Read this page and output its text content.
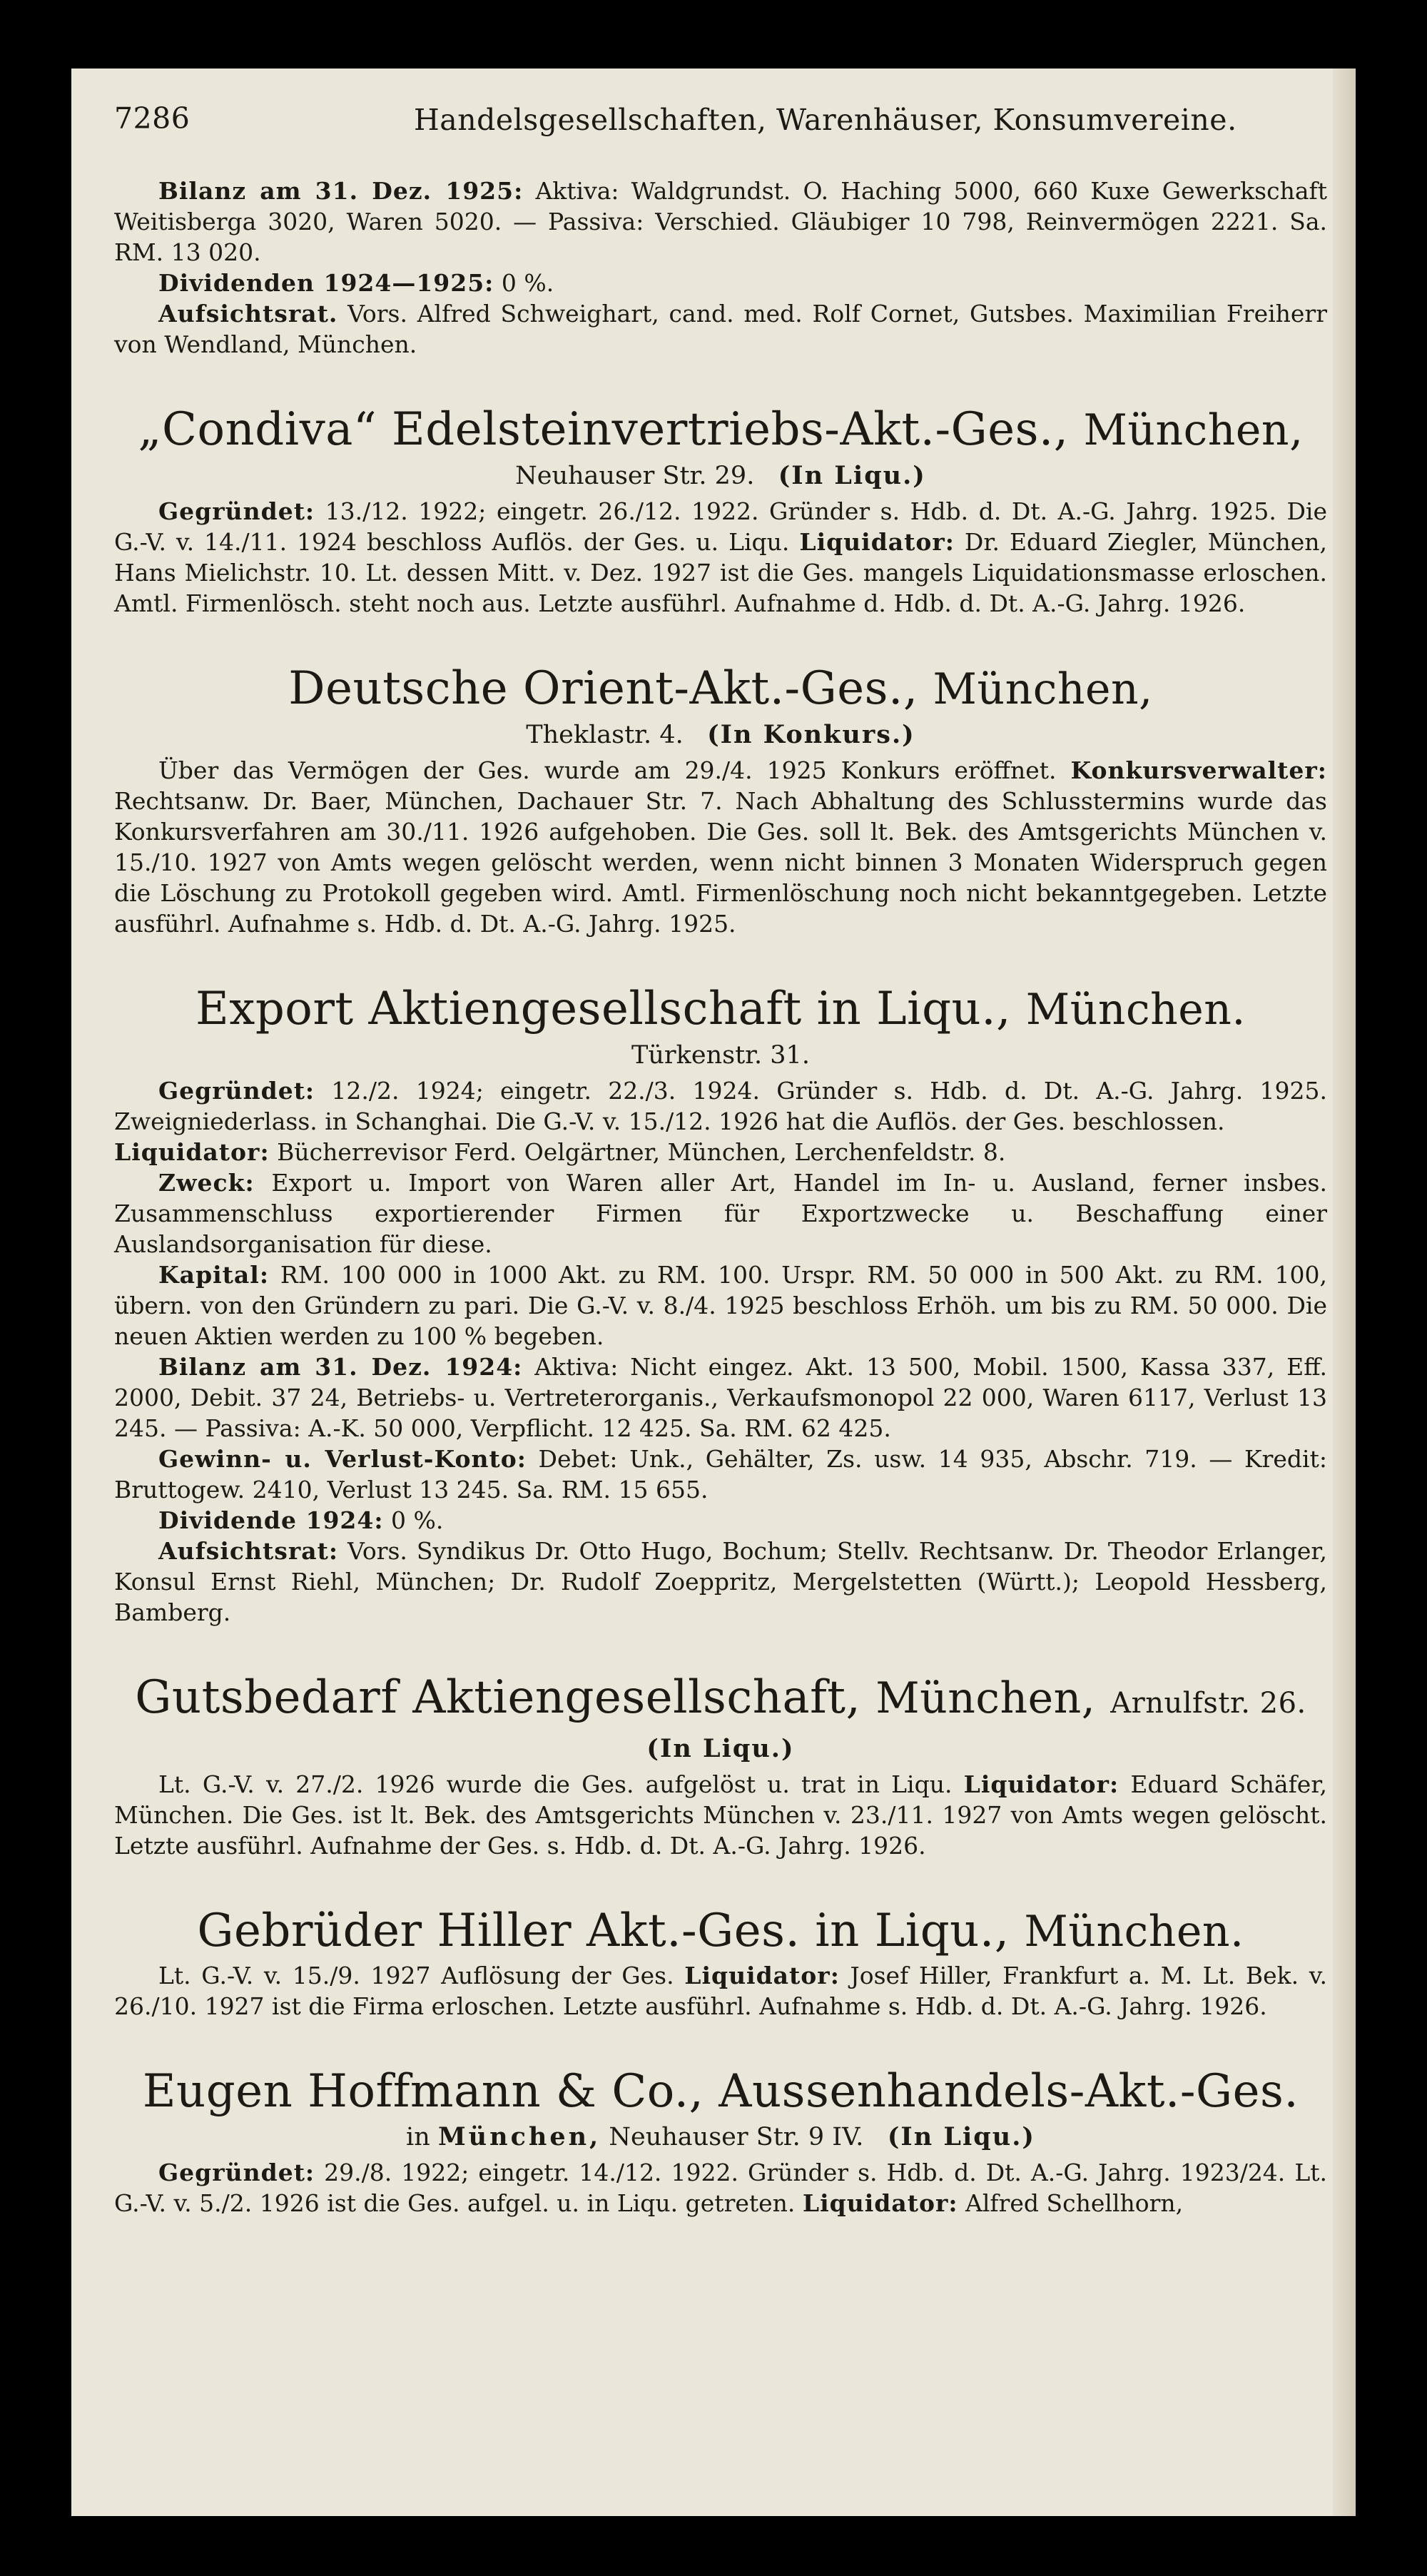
7286	Handelsgesellschaften, Warenhäuser, Konsumvereine.

Bilanz am 31. Dez. 1925: Aktiva: Waldgrundst. O. Haching 5000, 660 Kuxe Gewerkschaft Weitisberga 3020, Waren 5020. — Passiva: Verschied. Gläubiger 10 798, Reinvermögen 2221. Sa. RM. 13 020.

Dividenden 1924—1925: 0 %.

Aufsichtsrat. Vors. Alfred Schweighart, cand. med. Rolf Cornet, Gutsbes. Maximilian Freiherr von Wendland, München.

„Condiva“ Edelsteinvertriebs-Akt.-Ges., München,
Neuhauser Str. 29. (In Liqu.)

Gegründet: 13./12. 1922; eingetr. 26./12. 1922. Gründer s. Hdb. d. Dt. A.-G. Jahrg. 1925. Die G.-V. v. 14./11. 1924 beschloss Auflös. der Ges. u. Liqu. Liquidator: Dr. Eduard Ziegler, München, Hans Mielichstr. 10. Lt. dessen Mitt. v. Dez. 1927 ist die Ges. mangels Liquidationsmasse erloschen. Amtl. Firmenlösch. steht noch aus. Letzte ausführl. Aufnahme d. Hdb. d. Dt. A.-G. Jahrg. 1926.

Deutsche Orient-Akt.-Ges., München,
Theklastr. 4. (In Konkurs.)

Über das Vermögen der Ges. wurde am 29./4. 1925 Konkurs eröffnet. Konkursverwalter: Rechtsanw. Dr. Baer, München, Dachauer Str. 7. Nach Abhaltung des Schlusstermins wurde das Konkursverfahren am 30./11. 1926 aufgehoben. Die Ges. soll lt. Bek. des Amtsgerichts München v. 15./10. 1927 von Amts wegen gelöscht werden, wenn nicht binnen 3 Monaten Widerspruch gegen die Löschung zu Protokoll gegeben wird. Amtl. Firmenlöschung noch nicht bekanntgegeben. Letzte ausführl. Aufnahme s. Hdb. d. Dt. A.-G. Jahrg. 1925.

Export Aktiengesellschaft in Liqu., München.
Türkenstr. 31.

Gegründet: 12./2. 1924; eingetr. 22./3. 1924. Gründer s. Hdb. d. Dt. A.-G. Jahrg. 1925. Zweigniederlass. in Schanghai. Die G.-V. v. 15./12. 1926 hat die Auflös. der Ges. beschlossen.

Liquidator: Bücherrevisor Ferd. Oelgärtner, München, Lerchenfeldstr. 8.

Zweck: Export u. Import von Waren aller Art, Handel im In- u. Ausland, ferner insbes. Zusammenschluss exportierender Firmen für Exportzwecke u. Beschaffung einer Auslandsorganisation für diese.

Kapital: RM. 100 000 in 1000 Akt. zu RM. 100. Urspr. RM. 50 000 in 500 Akt. zu RM. 100, übern. von den Gründern zu pari. Die G.-V. v. 8./4. 1925 beschloss Erhöh. um bis zu RM. 50 000. Die neuen Aktien werden zu 100 % begeben.

Bilanz am 31. Dez. 1924: Aktiva: Nicht eingez. Akt. 13 500, Mobil. 1500, Kassa 337, Eff. 2000, Debit. 37 24, Betriebs- u. Vertreterorganis., Verkaufsmonopol 22 000, Waren 6117, Verlust 13 245. — Passiva: A.-K. 50 000, Verpflicht. 12 425. Sa. RM. 62 425.

Gewinn- u. Verlust-Konto: Debet: Unk., Gehälter, Zs. usw. 14 935, Abschr. 719. — Kredit: Bruttogew. 2410, Verlust 13 245. Sa. RM. 15 655.

Dividende 1924: 0 %.

Aufsichtsrat: Vors. Syndikus Dr. Otto Hugo, Bochum; Stellv. Rechtsanw. Dr. Theodor Erlanger, Konsul Ernst Riehl, München; Dr. Rudolf Zoeppritz, Mergelstetten (Württ.); Leopold Hessberg, Bamberg.

Gutsbedarf Aktiengesellschaft, München, Arnulfstr. 26.
(In Liqu.)

Lt. G.-V. v. 27./2. 1926 wurde die Ges. aufgelöst u. trat in Liqu. Liquidator: Eduard Schäfer, München. Die Ges. ist lt. Bek. des Amtsgerichts München v. 23./11. 1927 von Amts wegen gelöscht. Letzte ausführl. Aufnahme der Ges. s. Hdb. d. Dt. A.-G. Jahrg. 1926.

Gebrüder Hiller Akt.-Ges. in Liqu., München.

Lt. G.-V. v. 15./9. 1927 Auflösung der Ges. Liquidator: Josef Hiller, Frankfurt a. M. Lt. Bek. v. 26./10. 1927 ist die Firma erloschen. Letzte ausführl. Aufnahme s. Hdb. d. Dt. A.-G. Jahrg. 1926.

Eugen Hoffmann & Co., Aussenhandels-Akt.-Ges.
in München, Neuhauser Str. 9 IV. (In Liqu.)

Gegründet: 29./8. 1922; eingetr. 14./12. 1922. Gründer s. Hdb. d. Dt. A.-G. Jahrg. 1923/24. Lt. G.-V. v. 5./2. 1926 ist die Ges. aufgel. u. in Liqu. getreten. Liquidator: Alfred Schellhorn,
